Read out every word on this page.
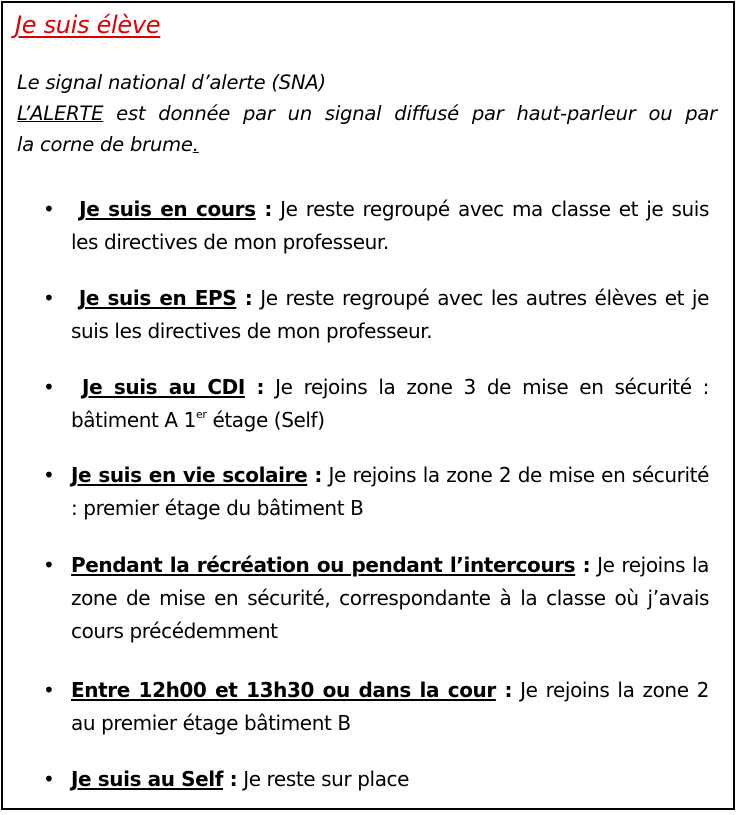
Je suis élève
Le signal national d’alerte (SNA)
L’ALERTE est donnée par un signal diffusé par haut-parleur ou par
la corne de brume.
•	Je suis en cours : Je reste regroupé avec ma classe et je suis les directives de mon professeur.
•	Je suis en EPS : Je reste regroupé avec les autres élèves et je suis les directives de mon professeur.
•	Je suis au CDI : Je rejoins la zone 3 de mise en sécurité : bâtiment A 1er étage (Self)
• Je suis en vie scolaire : Je rejoins la zone 2 de mise en sécurité : premier étage du bâtiment B
• Pendant la récréation ou pendant l’intercours : Je rejoins la zone de mise en sécurité, correspondante à la classe où j’avais cours précédemment
• Entre 12h00 et 13h30 ou dans la cour : Je rejoins la zone 2 au premier étage bâtiment B
• Je suis au Self : Je reste sur place
